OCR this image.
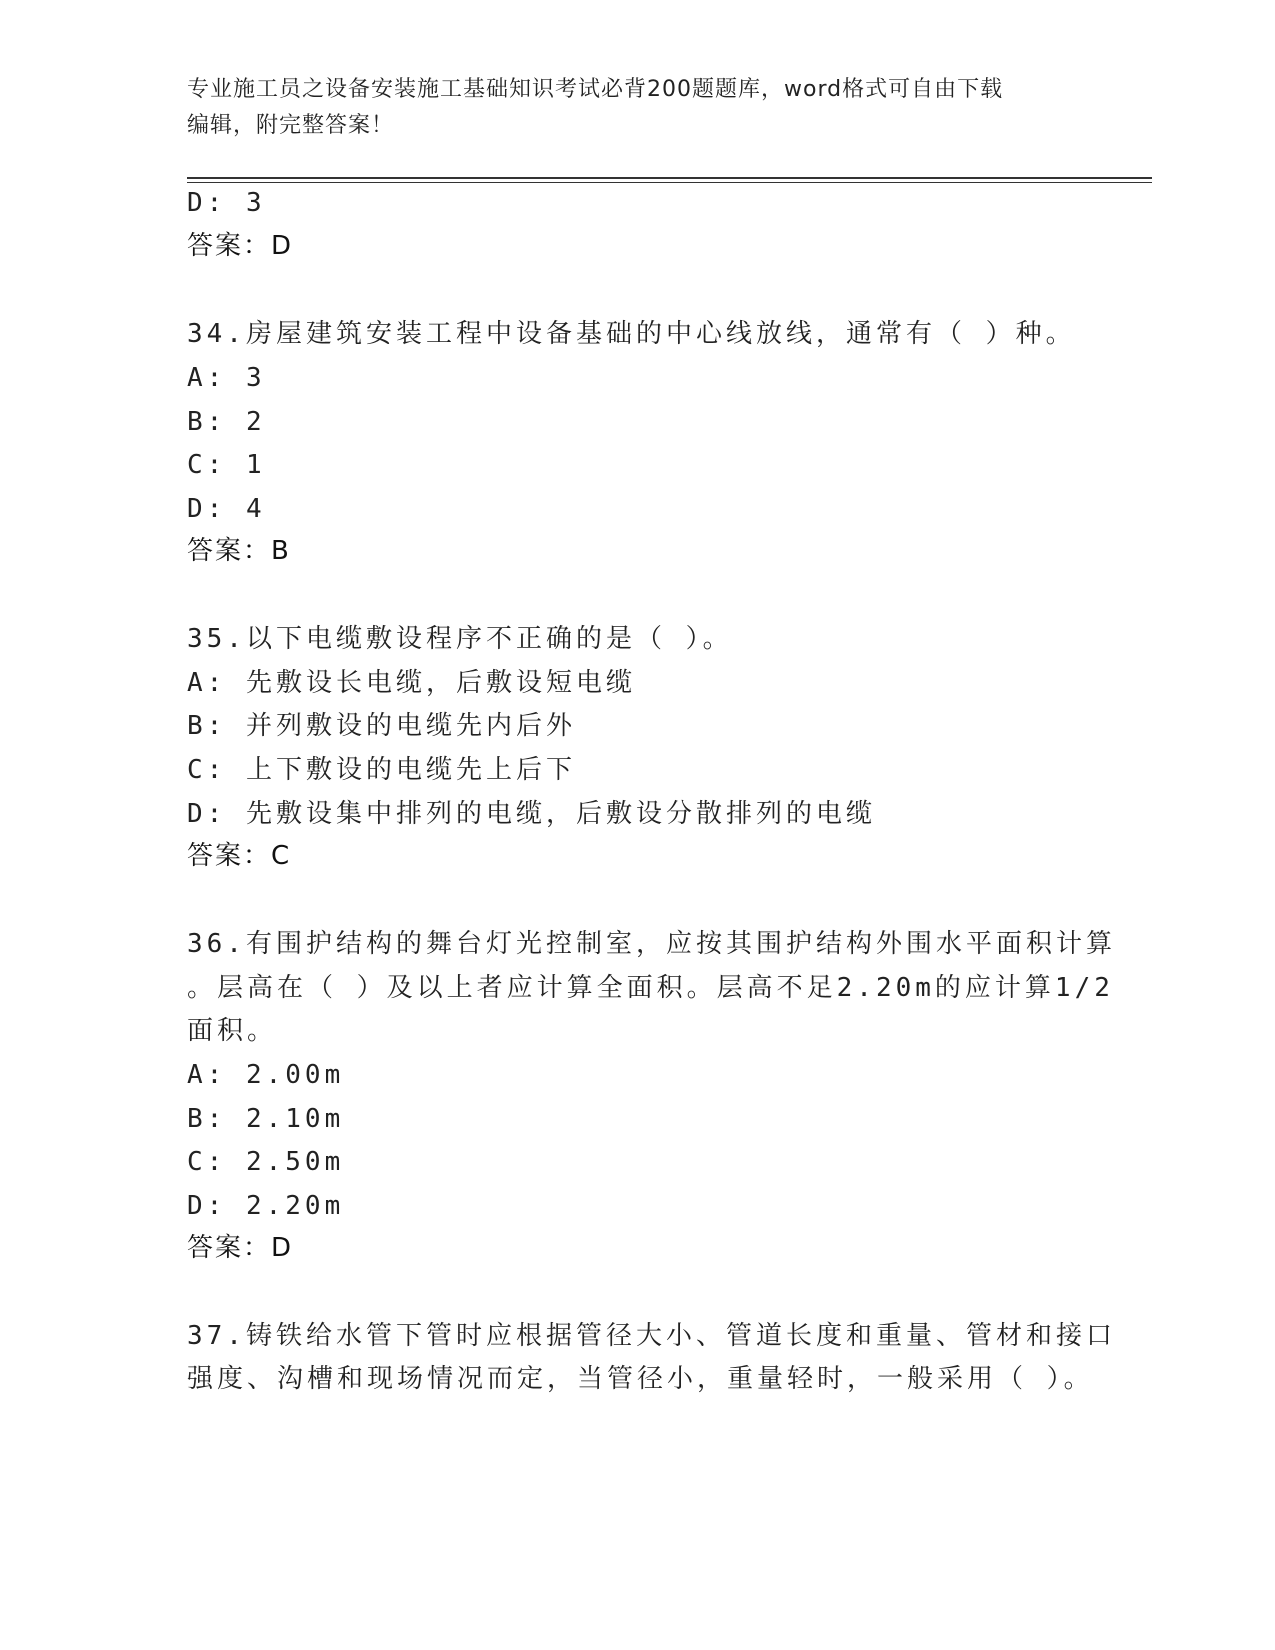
专业施工员之设备安装施工基础知识考试必背200题题库，word格式可自由下载
编辑，附完整答案！
D: 3
答案：D
34.房屋建筑安装工程中设备基础的中心线放线，通常有（ ）种。
A: 3
B: 2
C: 1
D: 4
答案：B
35.以下电缆敷设程序不正确的是（ ）。
A: 先敷设长电缆，后敷设短电缆
B: 并列敷设的电缆先内后外
C: 上下敷设的电缆先上后下
D: 先敷设集中排列的电缆，后敷设分散排列的电缆
答案：C
36.有围护结构的舞台灯光控制室，应按其围护结构外围水平面积计算
。层高在（ ）及以上者应计算全面积。层高不足2.20m的应计算1/2
面积。
A: 2.00m
B: 2.10m
C: 2.50m
D: 2.20m
答案：D
37.铸铁给水管下管时应根据管径大小、管道长度和重量、管材和接口
强度、沟槽和现场情况而定，当管径小，重量轻时，一般采用（ ）。
